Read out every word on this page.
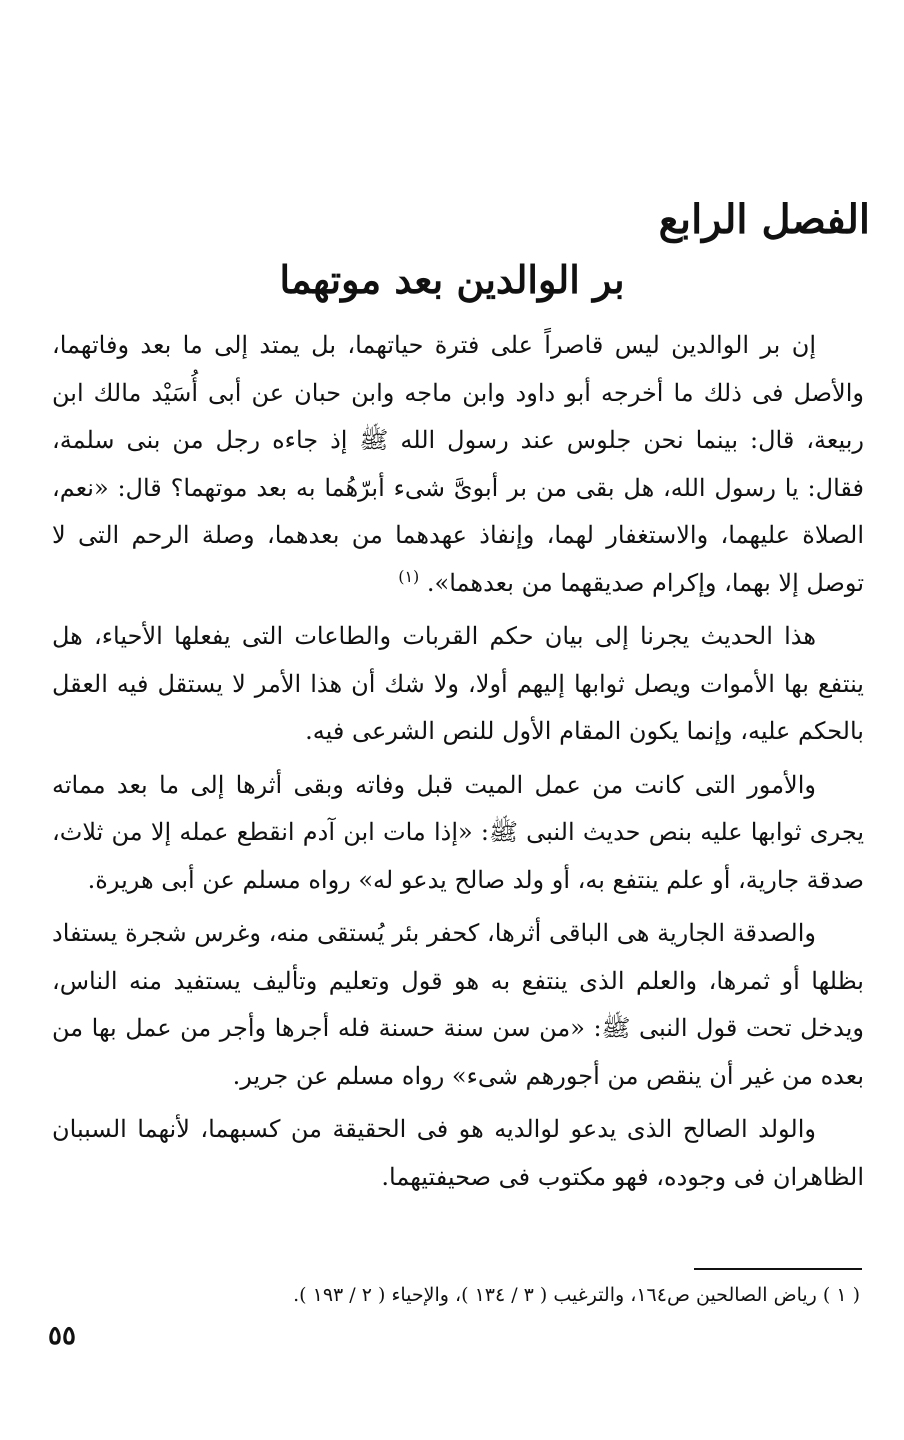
الفصل الرابع
بر الوالدين بعد موتهما

إن بر الوالدين ليس قاصراً على فترة حياتهما، بل يمتد إلى ما بعد وفاتهما، والأصل فى ذلك ما أخرجه أبو داود وابن ماجه وابن حبان عن أبى أُسَيْد مالك ابن ربيعة، قال: بينما نحن جلوس عند رسول الله ﷺ إذ جاءه رجل من بنى سلمة، فقال: يا رسول الله، هل بقى من بر أبوىَّ شىء أبرّهُما به بعد موتهما؟ قال: «نعم، الصلاة عليهما، والاستغفار لهما، وإنفاذ عهدهما من بعدهما، وصلة الرحم التى لا توصل إلا بهما، وإكرام صديقهما من بعدهما». $^{(١)}$

هذا الحديث يجرنا إلى بيان حكم القربات والطاعات التى يفعلها الأحياء، هل ينتفع بها الأموات ويصل ثوابها إليهم أولا، ولا شك أن هذا الأمر لا يستقل فيه العقل بالحكم عليه، وإنما يكون المقام الأول للنص الشرعى فيه.

والأمور التى كانت من عمل الميت قبل وفاته وبقى أثرها إلى ما بعد مماته يجرى ثوابها عليه بنص حديث النبى ﷺ: «إذا مات ابن آدم انقطع عمله إلا من ثلاث، صدقة جارية، أو علم ينتفع به، أو ولد صالح يدعو له» رواه مسلم عن أبى هريرة.

والصدقة الجارية هى الباقى أثرها، كحفر بئر يُستقى منه، وغرس شجرة يستفاد بظلها أو ثمرها، والعلم الذى ينتفع به هو قول وتعليم وتأليف يستفيد منه الناس، ويدخل تحت قول النبى ﷺ: «من سن سنة حسنة فله أجرها وأجر من عمل بها من بعده من غير أن ينقص من أجورهم شىء» رواه مسلم عن جرير.

والولد الصالح الذى يدعو لوالديه هو فى الحقيقة من كسبهما، لأنهما السببان الظاهران فى وجوده، فهو مكتوب فى صحيفتيهما.

( ١ ) رياض الصالحين ص١٦٤، والترغيب ( ٣ / ١٣٤ )، والإحياء ( ٢ / ١٩٣ ).

٥٥
